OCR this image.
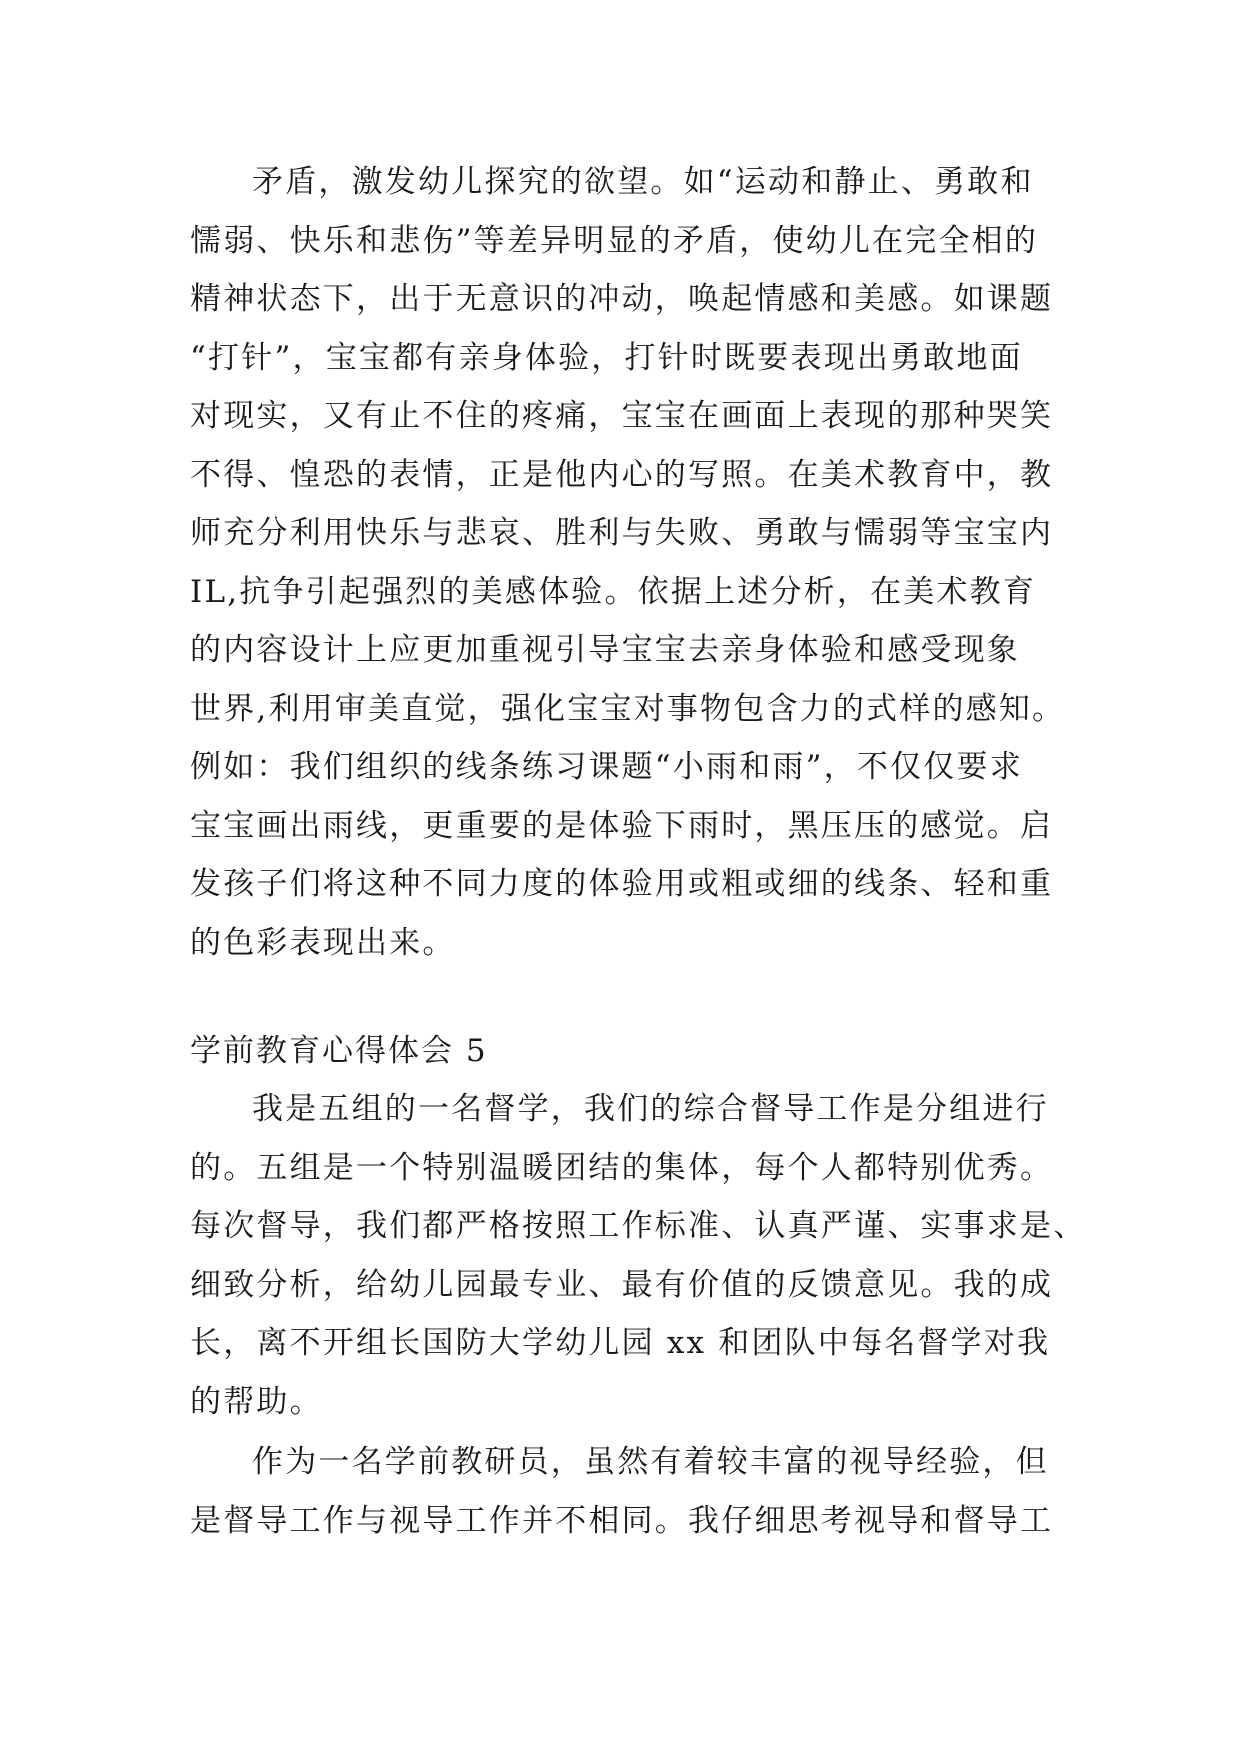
矛盾，激发幼儿探究的欲望。如“运动和静止、勇敢和
懦弱、快乐和悲伤”等差异明显的矛盾，使幼儿在完全相的
精神状态下，出于无意识的冲动，唤起情感和美感。如课题
“打针”，宝宝都有亲身体验，打针时既要表现出勇敢地面
对现实，又有止不住的疼痛，宝宝在画面上表现的那种哭笑
不得、惶恐的表情，正是他内心的写照。在美术教育中，教
师充分利用快乐与悲哀、胜利与失败、勇敢与懦弱等宝宝内
IL,抗争引起强烈的美感体验。依据上述分析，在美术教育
的内容设计上应更加重视引导宝宝去亲身体验和感受现象
世界,利用审美直觉，强化宝宝对事物包含力的式样的感知。
例如：我们组织的线条练习课题“小雨和雨”，不仅仅要求
宝宝画出雨线，更重要的是体验下雨时，黑压压的感觉。启
发孩子们将这种不同力度的体验用或粗或细的线条、轻和重
的色彩表现出来。
学前教育心得体会 5
我是五组的一名督学，我们的综合督导工作是分组进行
的。五组是一个特别温暖团结的集体，每个人都特别优秀。
每次督导，我们都严格按照工作标准、认真严谨、实事求是、
细致分析，给幼儿园最专业、最有价值的反馈意见。我的成
长，离不开组长国防大学幼儿园 xx 和团队中每名督学对我
的帮助。
作为一名学前教研员，虽然有着较丰富的视导经验，但
是督导工作与视导工作并不相同。我仔细思考视导和督导工
